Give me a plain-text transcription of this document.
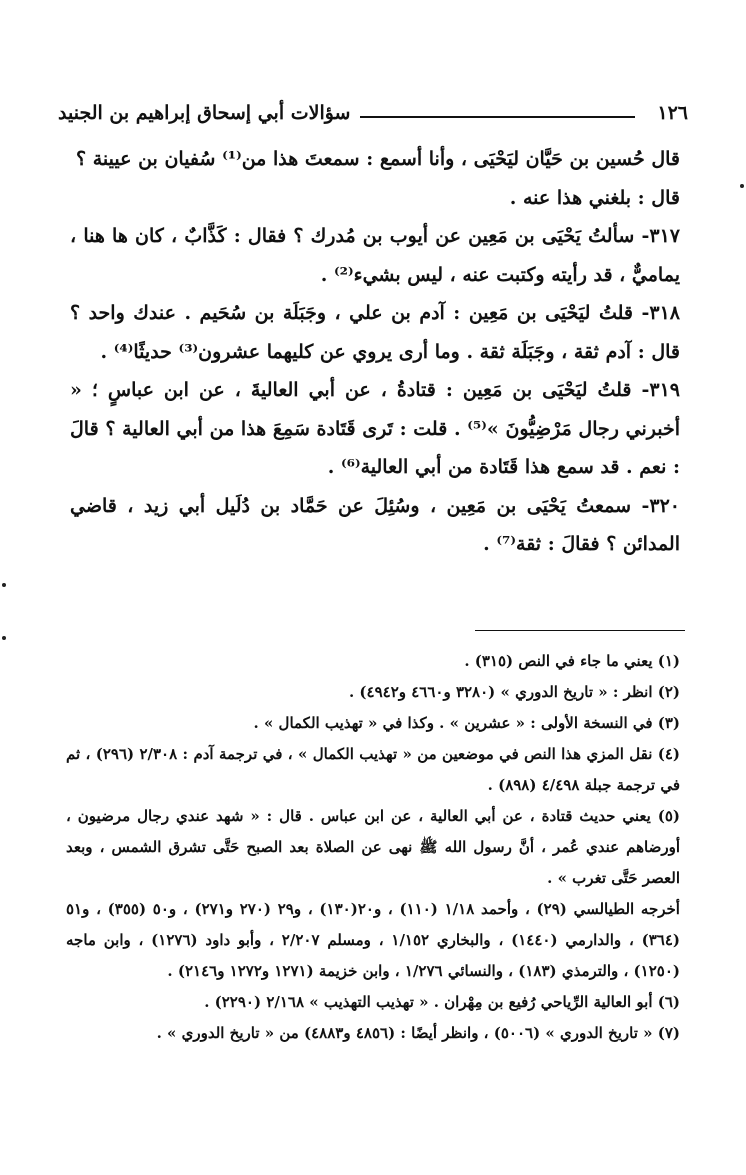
١٢٦
سؤالات أبي إسحاق إبراهيم بن الجنيد

قال حُسين بن حَيَّان ليَحْيَى ، وأنا أسمع : سمعتَ هذا من⁽¹⁾ سُفيان بن عيينة ؟

قال : بلغني هذا عنه .

٣١٧- سألتُ يَحْيَى بن مَعِين عن أيوب بن مُدرك ؟ فقال : كَذَّابٌ ، كان ها هنا ، يماميٌّ ، قد رأيته وكتبت عنه ، ليس بشيء⁽²⁾ .

٣١٨- قلتُ ليَحْيَى بن مَعِين : آدم بن علي ، وجَبَلَة بن سُحَيم . عندك واحد ؟ قال : آدم ثقة ، وجَبَلَة ثقة . وما أرى يروي عن كليهما عشرون⁽³⁾ حديثًا⁽⁴⁾ .

٣١٩- قلتُ ليَحْيَى بن مَعِين : قتادةُ ، عن أبي العاليةَ ، عن ابن عباسٍ ؛ « أخبرني رجال مَرْضِيُّونَ »⁽⁵⁾ . قلت : تَرى قَتَادة سَمِعَ هذا من أبي العالية ؟ قالَ : نعم . قد سمع هذا قَتَادة من أبي العالية⁽⁶⁾ .

٣٢٠- سمعتُ يَحْيَى بن مَعِين ، وسُئِلَ عن حَمَّاد بن دُلَيل أبي زيد ، قاضي المدائن ؟ فقالَ : ثقة⁽⁷⁾ .

(١) يعني ما جاء في النص (٣١٥) .

(٢) انظر : « تاريخ الدوري » (٣٢٨٠ و٤٦٦٠ و٤٩٤٢) .

(٣) في النسخة الأولى : « عشرين » . وكذا في « تهذيب الكمال » .

(٤) نقل المزي هذا النص في موضعين من « تهذيب الكمال » ، في ترجمة آدم : ٢/٣٠٨ (٢٩٦) ، ثم في ترجمة جبلة ٤/٤٩٨ (٨٩٨) .

(٥) يعني حديث قتادة ، عن أبي العالية ، عن ابن عباس . قال : « شهد عندي رجال مرضيون ، أورضاهم عندي عُمر ، أنَّ رسول الله ﷺ نهى عن الصلاة بعد الصبح حَتَّى تشرق الشمس ، وبعد العصر حَتَّى تغرب » .

أخرجه الطيالسي (٢٩) ، وأحمد ١/١٨ (١١٠) ، و٢٠(١٣٠) ، و٢٩ (٢٧٠ و٢٧١) ، و٥٠ (٣٥٥) ، و٥١ (٣٦٤) ، والدارمي (١٤٤٠) ، والبخاري ١/١٥٢ ، ومسلم ٢/٢٠٧ ، وأبو داود (١٢٧٦) ، وابن ماجه (١٢٥٠) ، والترمذي (١٨٣) ، والنسائي ١/٢٧٦ ، وابن خزيمة (١٢٧١ و١٢٧٢ و٢١٤٦) .

(٦) أبو العالية الرِّياحي رُفيع بن مِهْران . « تهذيب التهذيب » ٢/١٦٨ (٢٢٩٠) .

(٧) « تاريخ الدوري » (٥٠٠٦) ، وانظر أيضًا : (٤٨٥٦ و٤٨٨٣) من « تاريخ الدوري » .
